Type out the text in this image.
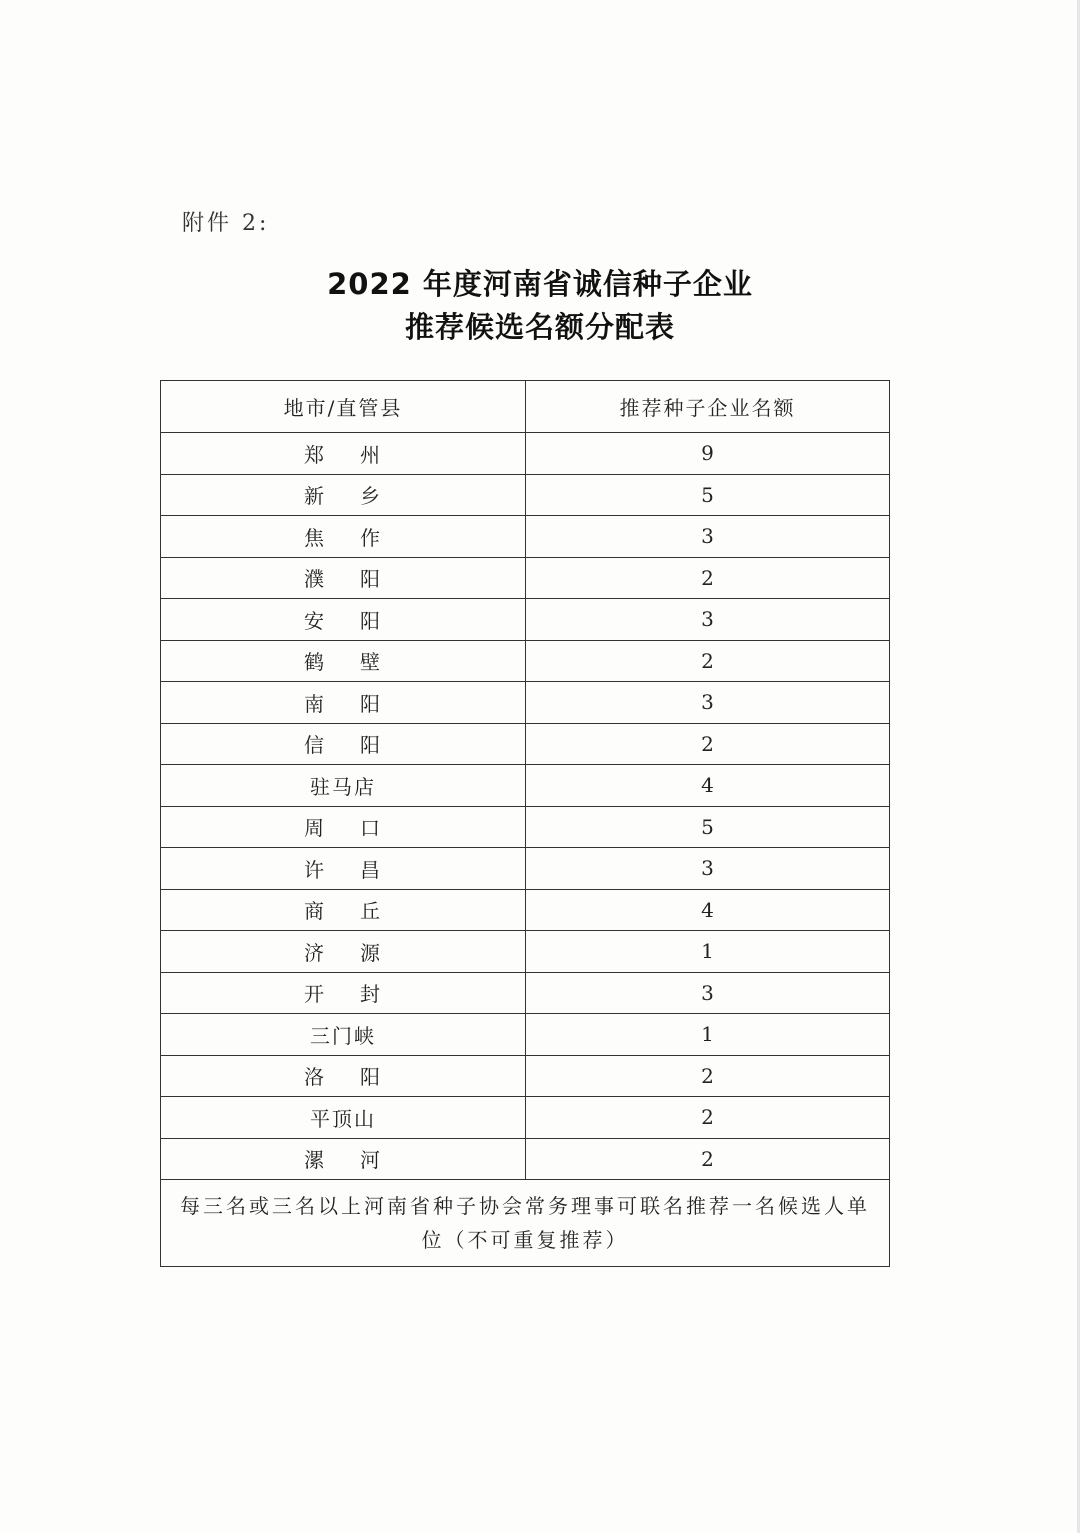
附件 2:
2022 年度河南省诚信种子企业
推荐候选名额分配表
地市/直管县	推荐种子企业名额
郑 州	9
新 乡	5
焦 作	3
濮 阳	2
安 阳	3
鹤 壁	2
南 阳	3
信 阳	2
驻马店	4
周 口	5
许 昌	3
商 丘	4
济 源	1
开 封	3
三门峡	1
洛 阳	2
平顶山	2
漯 河	2
每三名或三名以上河南省种子协会常务理事可联名推荐一名候选人单位（不可重复推荐）	
